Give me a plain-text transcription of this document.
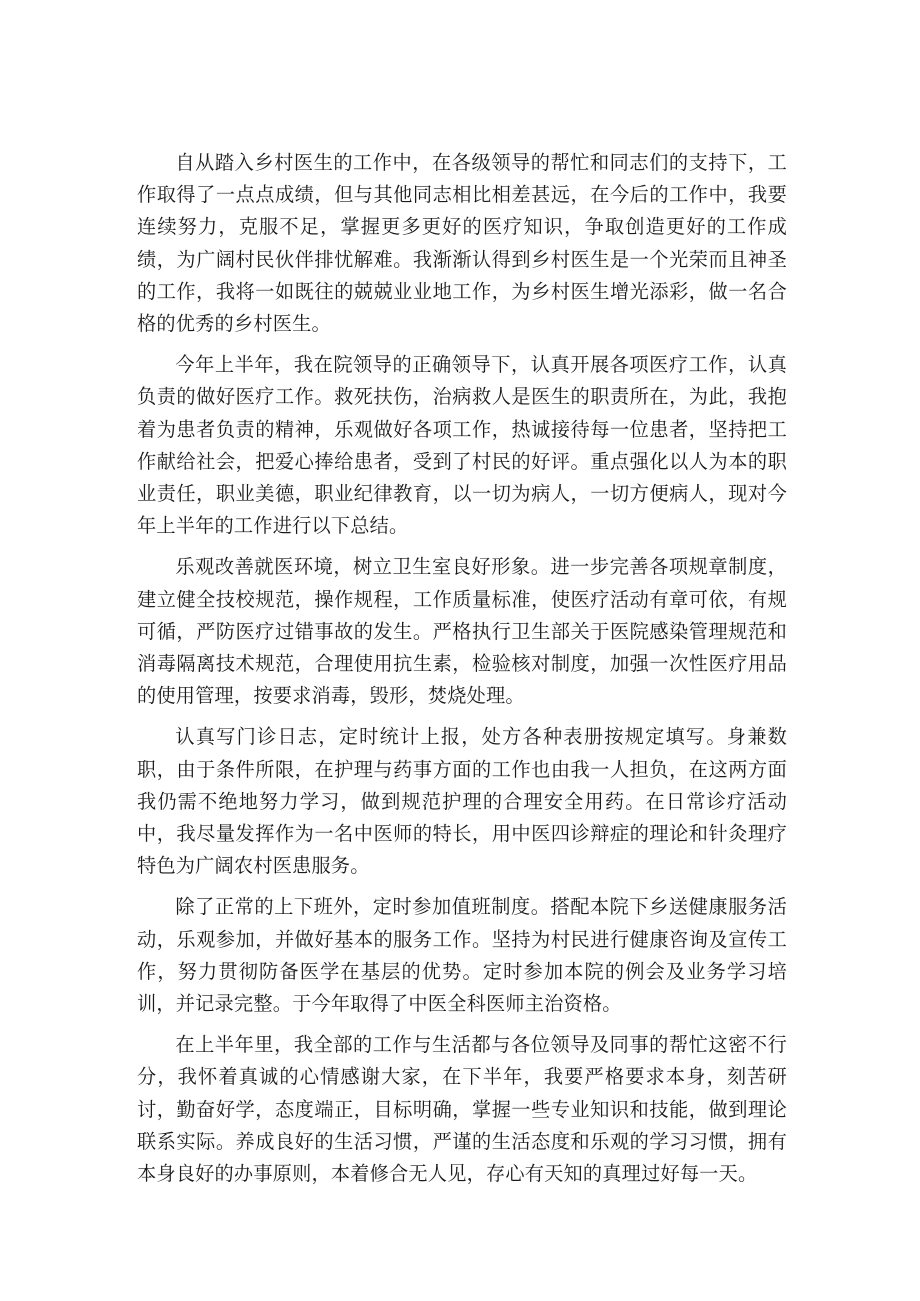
自从踏入乡村医生的工作中，在各级领导的帮忙和同志们的支持下，工作取得了一点点成绩，但与其他同志相比相差甚远，在今后的工作中，我要连续努力，克服不足，掌握更多更好的医疗知识，争取创造更好的工作成绩，为广阔村民伙伴排忧解难。我渐渐认得到乡村医生是一个光荣而且神圣的工作，我将一如既往的兢兢业业地工作，为乡村医生增光添彩，做一名合格的优秀的乡村医生。

今年上半年，我在院领导的正确领导下，认真开展各项医疗工作，认真负责的做好医疗工作。救死扶伤，治病救人是医生的职责所在，为此，我抱着为患者负责的精神，乐观做好各项工作，热诚接待每一位患者，坚持把工作献给社会，把爱心捧给患者，受到了村民的好评。重点强化以人为本的职业责任，职业美德，职业纪律教育，以一切为病人，一切方便病人，现对今年上半年的工作进行以下总结。

乐观改善就医环境，树立卫生室良好形象。进一步完善各项规章制度，建立健全技校规范，操作规程，工作质量标准，使医疗活动有章可依，有规可循，严防医疗过错事故的发生。严格执行卫生部关于医院感染管理规范和消毒隔离技术规范，合理使用抗生素，检验核对制度，加强一次性医疗用品的使用管理，按要求消毒，毁形，焚烧处理。

认真写门诊日志，定时统计上报，处方各种表册按规定填写。身兼数职，由于条件所限，在护理与药事方面的工作也由我一人担负，在这两方面我仍需不绝地努力学习，做到规范护理的合理安全用药。在日常诊疗活动中，我尽量发挥作为一名中医师的特长，用中医四诊辩症的理论和针灸理疗特色为广阔农村医患服务。

除了正常的上下班外，定时参加值班制度。搭配本院下乡送健康服务活动，乐观参加，并做好基本的服务工作。坚持为村民进行健康咨询及宣传工作，努力贯彻防备医学在基层的优势。定时参加本院的例会及业务学习培训，并记录完整。于今年取得了中医全科医师主治资格。

在上半年里，我全部的工作与生活都与各位领导及同事的帮忙这密不行分，我怀着真诚的心情感谢大家，在下半年，我要严格要求本身，刻苦研讨，勤奋好学，态度端正，目标明确，掌握一些专业知识和技能，做到理论联系实际。养成良好的生活习惯，严谨的生活态度和乐观的学习习惯，拥有本身良好的办事原则，本着修合无人见，存心有天知的真理过好每一天。
